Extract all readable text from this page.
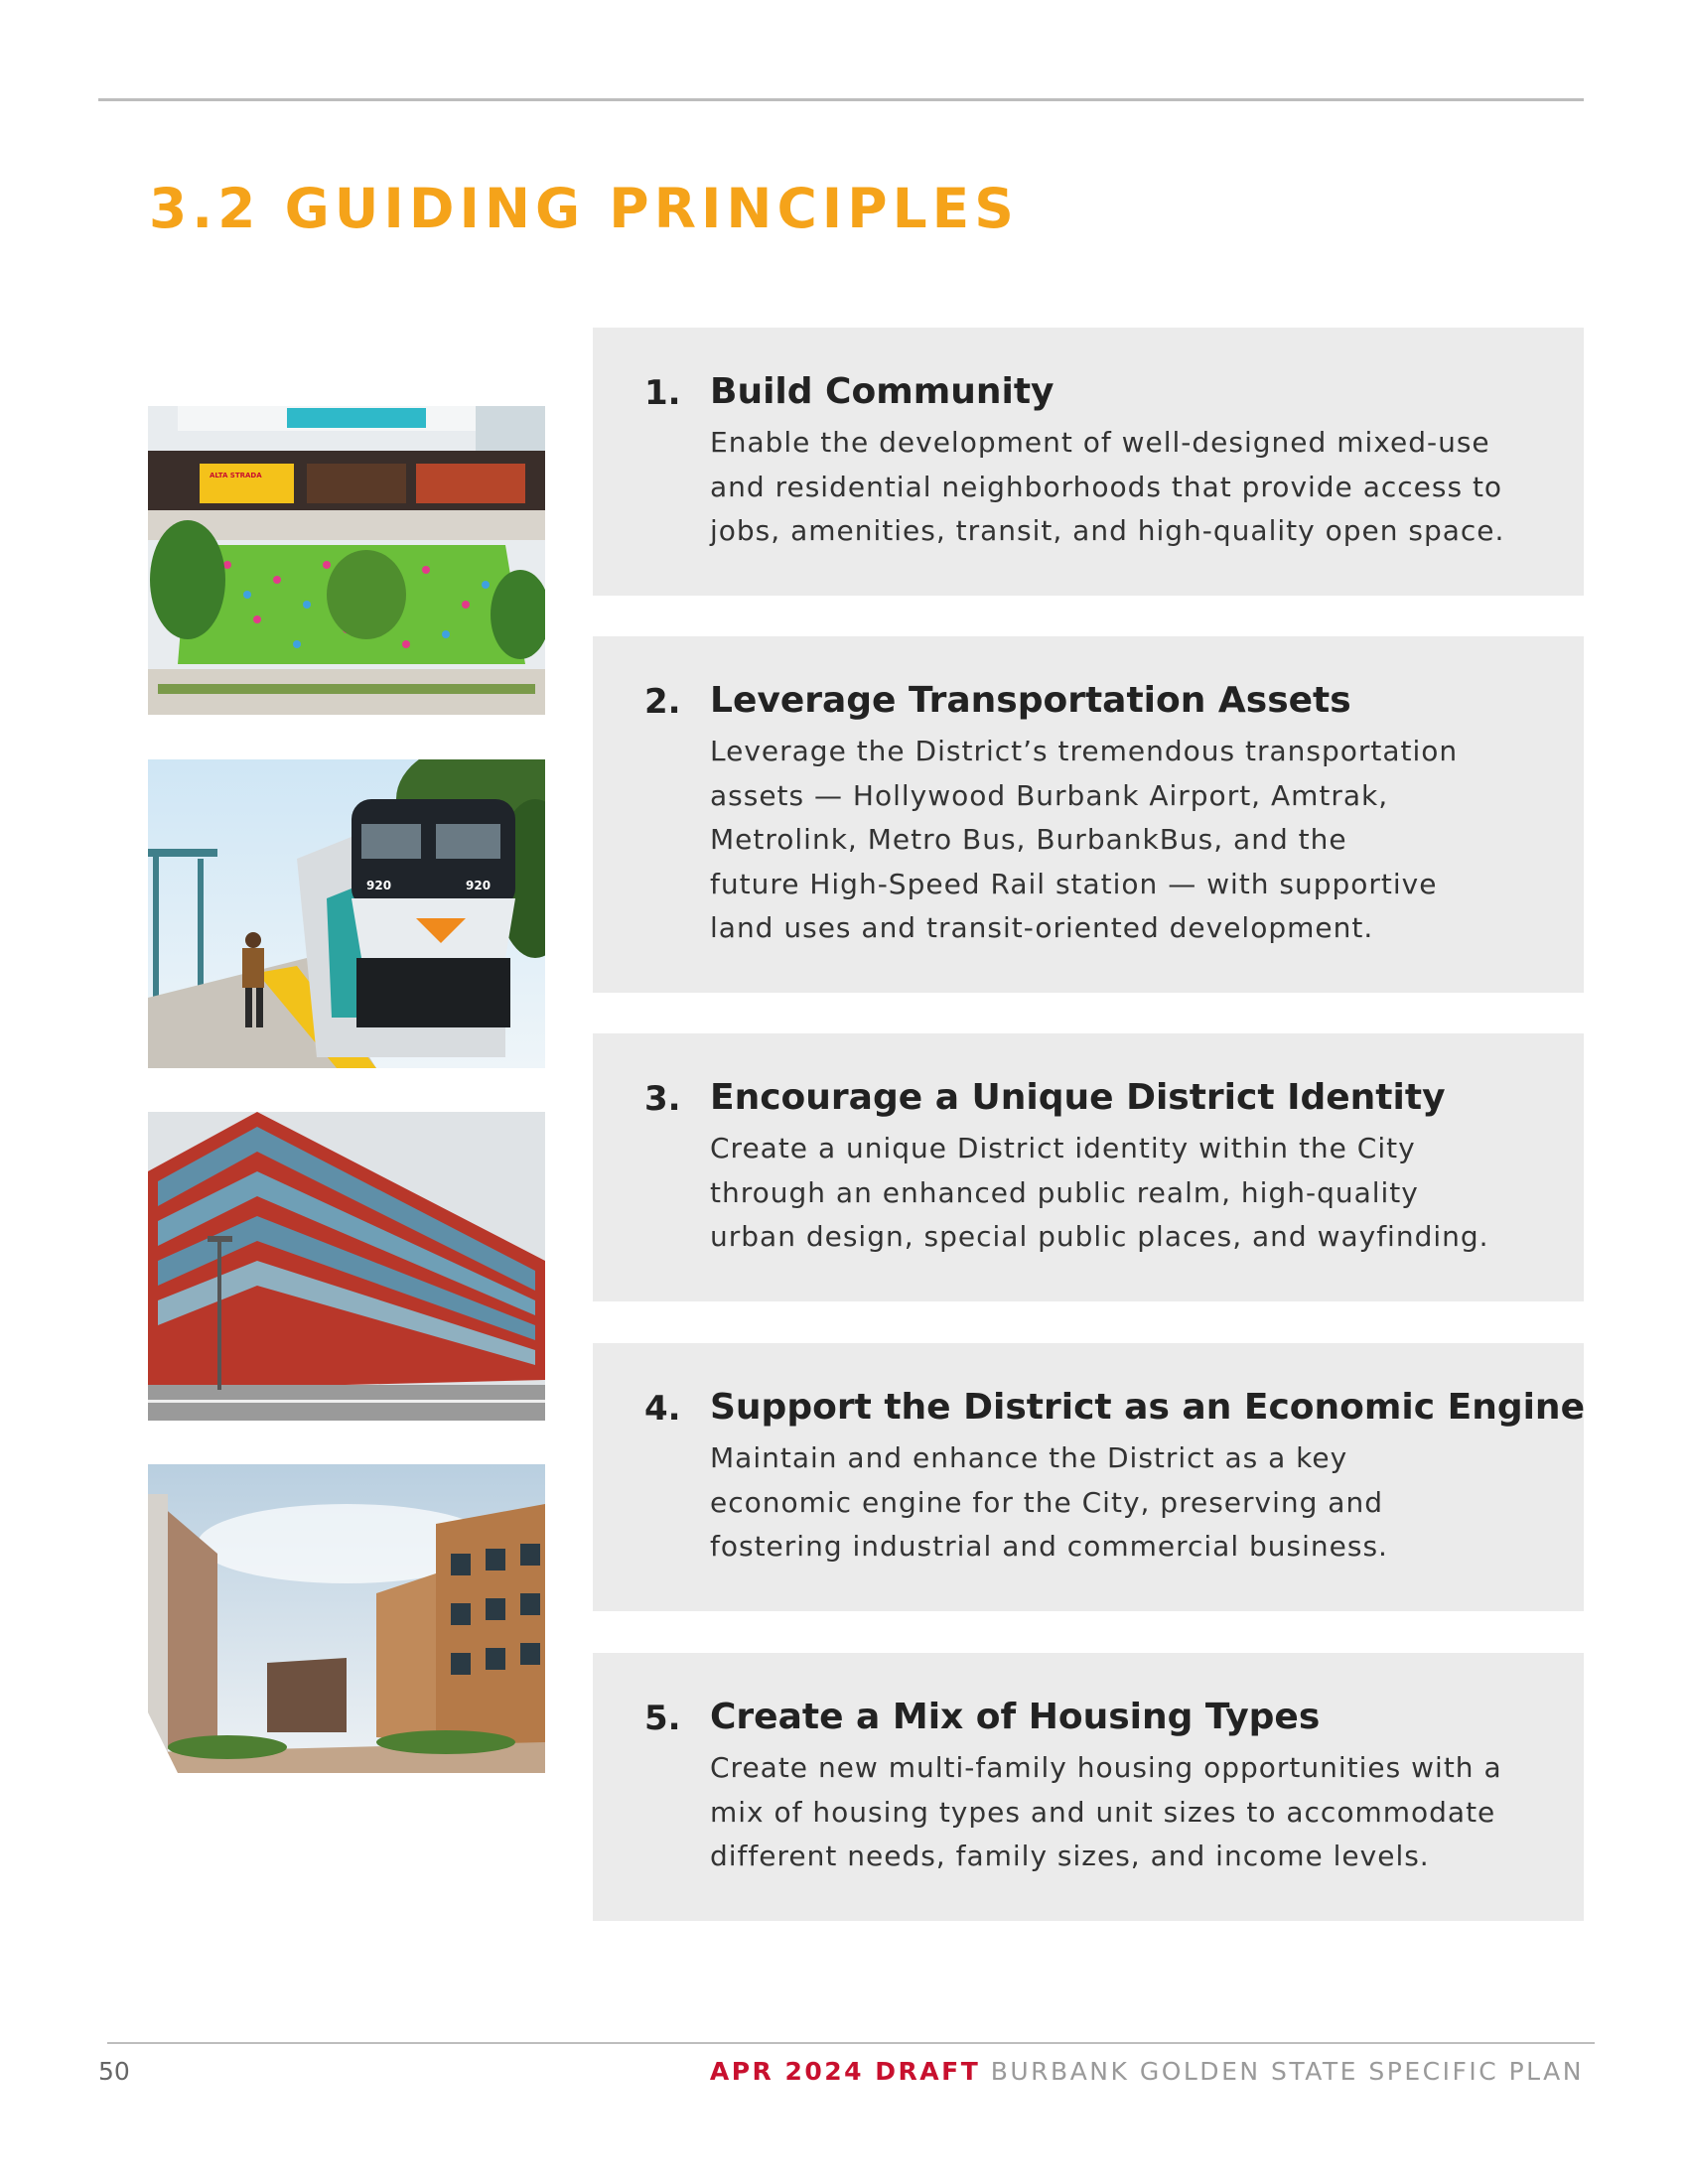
3.2 GUIDING PRINCIPLES
ALTA STRADA
920	920
1. Build Community

Enable the development of well-designed mixed-use
and residential neighborhoods that provide access to
jobs, amenities, transit, and high-quality open space.

2. Leverage Transportation Assets

Leverage the District’s tremendous transportation
assets — Hollywood Burbank Airport, Amtrak,
Metrolink, Metro Bus, BurbankBus, and the
future High-Speed Rail station — with supportive
land uses and transit-oriented development.

3. Encourage a Unique District Identity

Create a unique District identity within the City
through an enhanced public realm, high-quality
urban design, special public places, and wayfinding.

4. Support the District as an Economic Engine

Maintain and enhance the District as a key
economic engine for the City, preserving and
fostering industrial and commercial business.

5. Create a Mix of Housing Types

Create new multi-family housing opportunities with a
mix of housing types and unit sizes to accommodate
different needs, family sizes, and income levels.

50	APR 2024 DRAFT BURBANK GOLDEN STATE SPECIFIC PLAN
